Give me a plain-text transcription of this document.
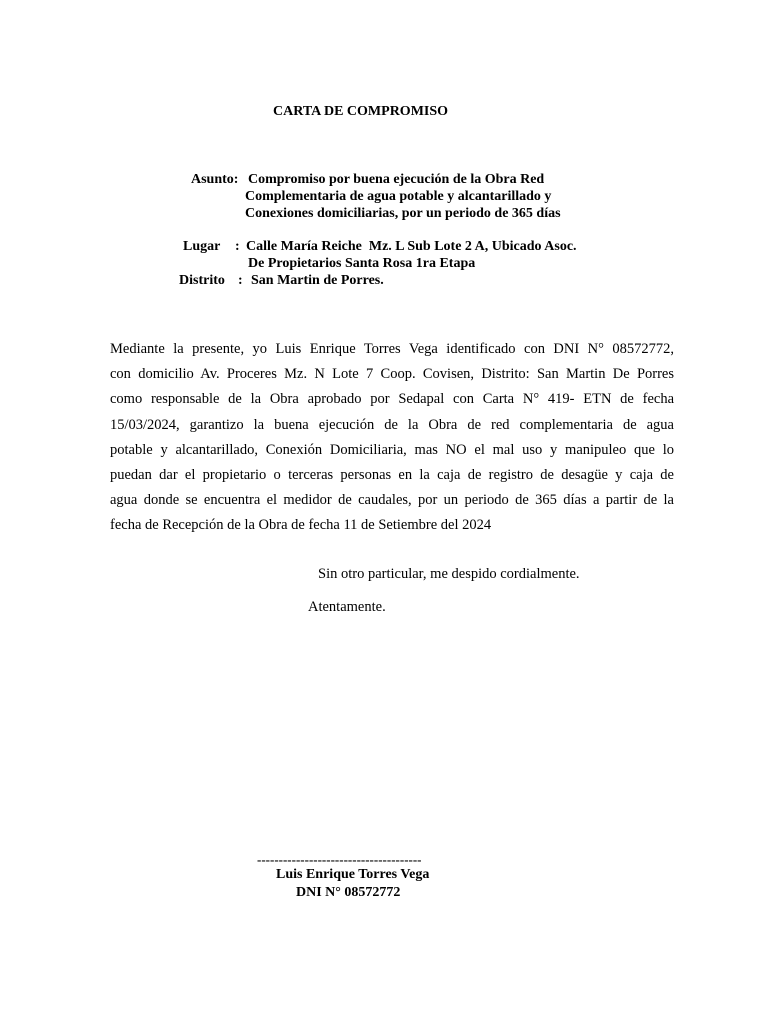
CARTA DE COMPROMISO
Asunto: Compromiso por buena ejecución de la Obra Red
Complementaria de agua potable y alcantarillado y
Conexiones domiciliarias, por un periodo de 365 días
Lugar : Calle María Reiche  Mz. L Sub Lote 2 A, Ubicado Asoc.
De Propietarios Santa Rosa 1ra Etapa
Distrito : San Martin de Porres.
Mediante la presente, yo Luis Enrique Torres Vega identificado con DNI N° 08572772,
con domicilio Av. Proceres Mz. N Lote 7 Coop. Covisen, Distrito: San Martin De Porres
como responsable de la Obra aprobado por Sedapal con Carta N° 419- ETN de fecha
15/03/2024, garantizo la buena ejecución de la Obra de red complementaria de agua
potable y alcantarillado, Conexión Domiciliaria, mas NO el mal uso y manipuleo que lo
puedan dar el propietario o terceras personas en la caja de registro de desagüe y caja de
agua donde se encuentra el medidor de caudales, por un periodo de 365 días a partir de la
fecha de Recepción de la Obra de fecha 11 de Setiembre del 2024
Sin otro particular, me despido cordialmente.
Atentamente.
--------------------------------------
Luis Enrique Torres Vega
DNI N° 08572772
